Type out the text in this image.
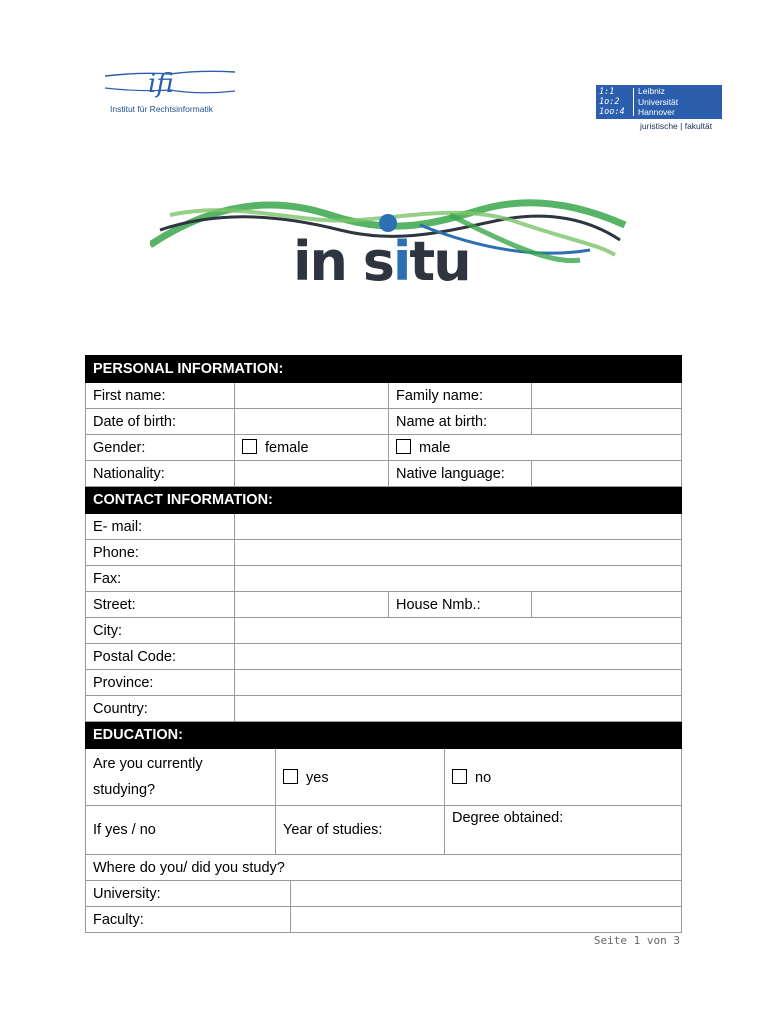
ifi
Institut für Rechtsinformatik
1:1
1o:2
1oo:4
Leibniz
Universität
Hannover
juristische | fakultät
in situ
PERSONAL INFORMATION:						
First name:				Family name:		
Date of birth:				Name at birth:		
Gender:	female			male		
Nationality:				Native language:		
CONTACT INFORMATION:						
E- mail:						
Phone:						
Fax:						
Street:				House Nmb.:		
City:						
Postal Code:						
Province:						
Country:						
EDUCATION:						
Are you currently
studying?		yes			no	
If yes / no		Year of studies:			Degree obtained:	
Where do you/ did you study?						
University:						
Faculty:						
Seite 1 von 3
